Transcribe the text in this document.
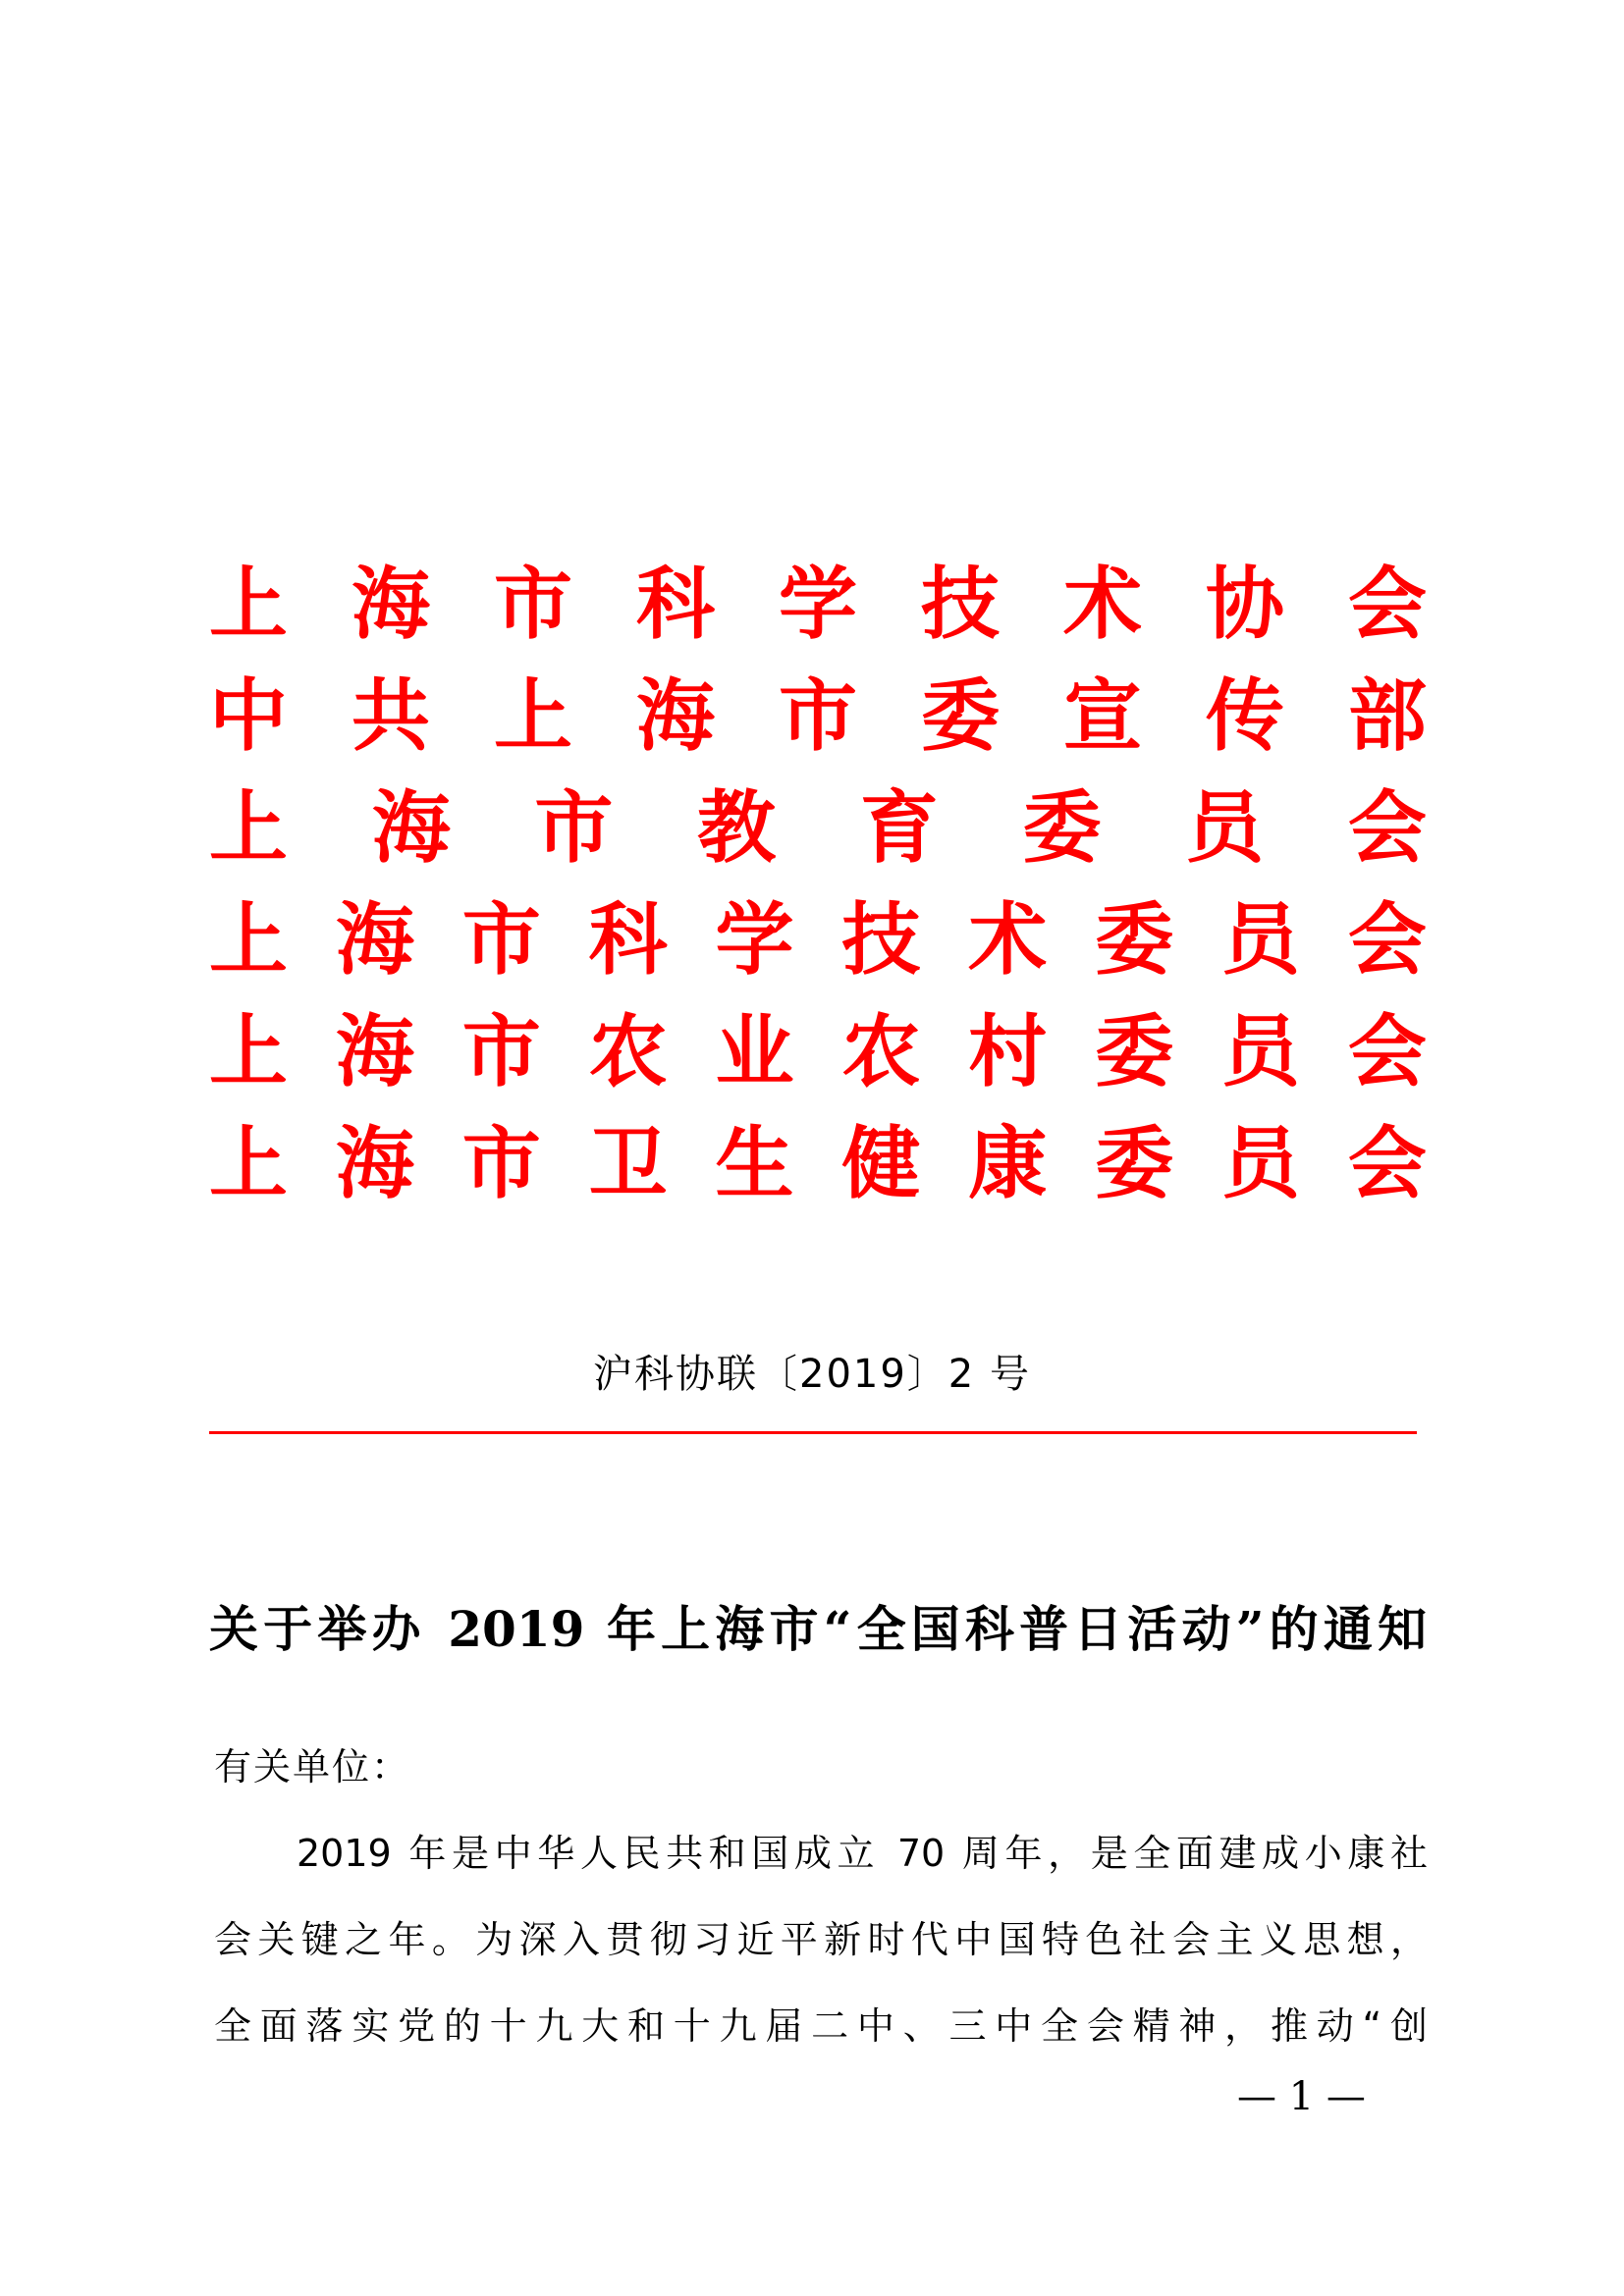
上 海 市 科 学 技 术 协 会
中 共 上 海 市 委 宣 传 部
上 海 市 教 育 委 员 会
上 海 市 科 学 技 术 委 员 会
上 海 市 农 业 农 村 委 员 会
上 海 市 卫 生 健 康 委 员 会
沪科协联〔2019〕2 号
关于举办 2019 年上海市“全国科普日活动”的通知
有关单位：
2019 年是中华人民共和国成立 70 周年，是全面建成小康社
会关键之年。为深入贯彻习近平新时代中国特色社会主义思想，
全面落实党的十九大和十九届二中、三中全会精神，推动“创
— 1 —
